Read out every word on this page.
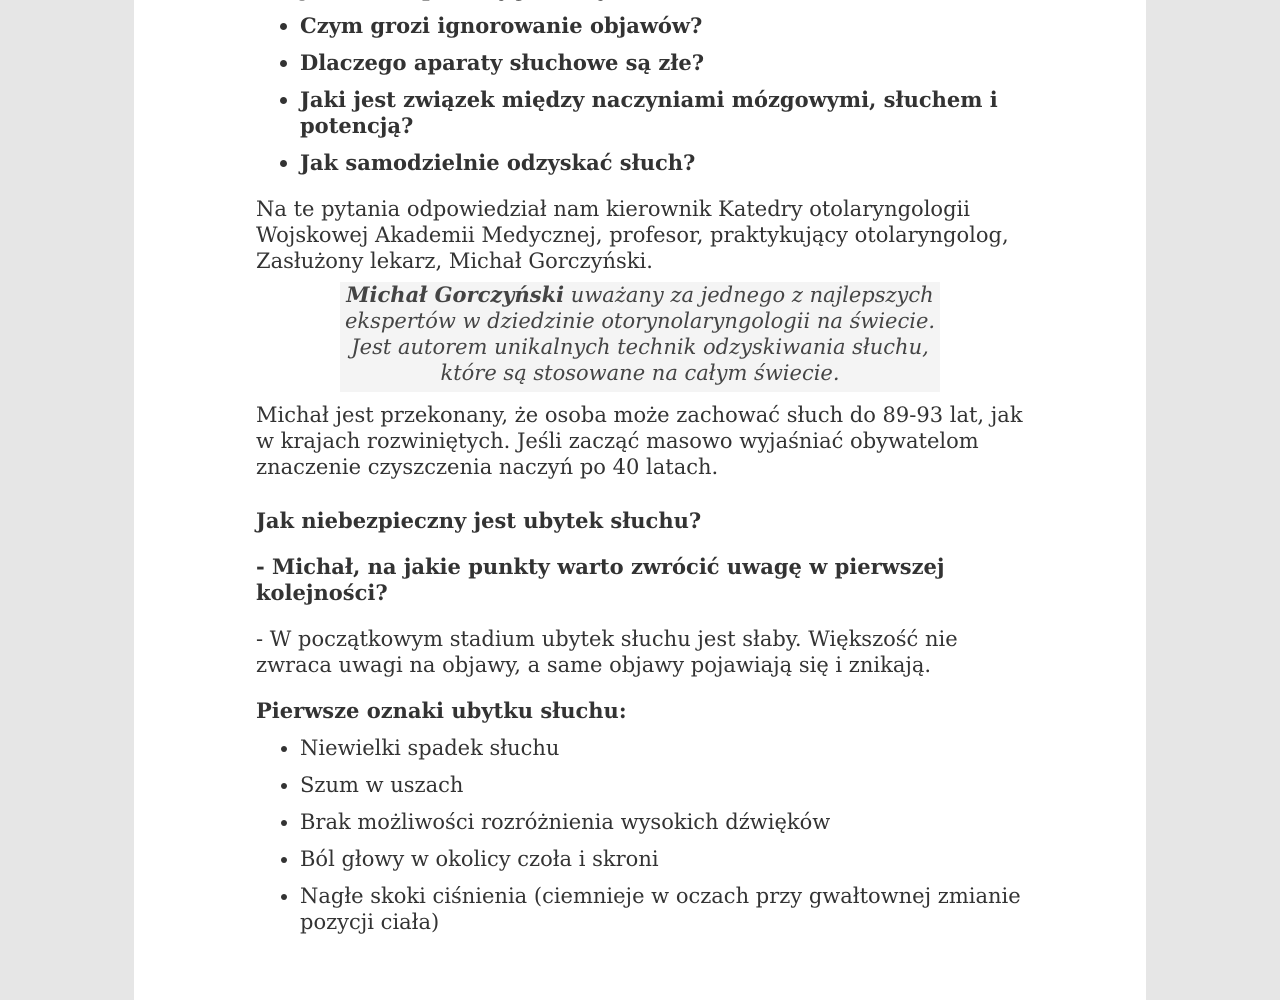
•
• Czym grozi ignorowanie objawów?
• Dlaczego aparaty słuchowe są złe?
• Jaki jest związek między naczyniami mózgowymi, słuchem i potencją?
• Jak samodzielnie odzyskać słuch?

Na te pytania odpowiedział nam kierownik Katedry otolaryngologii Wojskowej Akademii Medycznej, profesor, praktykujący otolaryngolog, Zasłużony lekarz, Michał Gorczyński.

Michał Gorczyński uważany za jednego z najlepszych ekspertów w dziedzinie otorynolaryngologii na świecie. Jest autorem unikalnych technik odzyskiwania słuchu, które są stosowane na całym świecie.

Michał jest przekonany, że osoba może zachować słuch do 89-93 lat, jak w krajach rozwiniętych. Jeśli zacząć masowo wyjaśniać obywatelom znaczenie czyszczenia naczyń po 40 latach.

Jak niebezpieczny jest ubytek słuchu?

- Michał, na jakie punkty warto zwrócić uwagę w pierwszej kolejności?

- W początkowym stadium ubytek słuchu jest słaby. Większość nie zwraca uwagi na objawy, a same objawy pojawiają się i znikają.

Pierwsze oznaki ubytku słuchu:

• Niewielki spadek słuchu
• Szum w uszach
• Brak możliwości rozróżnienia wysokich dźwięków
• Ból głowy w okolicy czoła i skroni
• Nagłe skoki ciśnienia (ciemnieje w oczach przy gwałtownej zmianie pozycji ciała)
